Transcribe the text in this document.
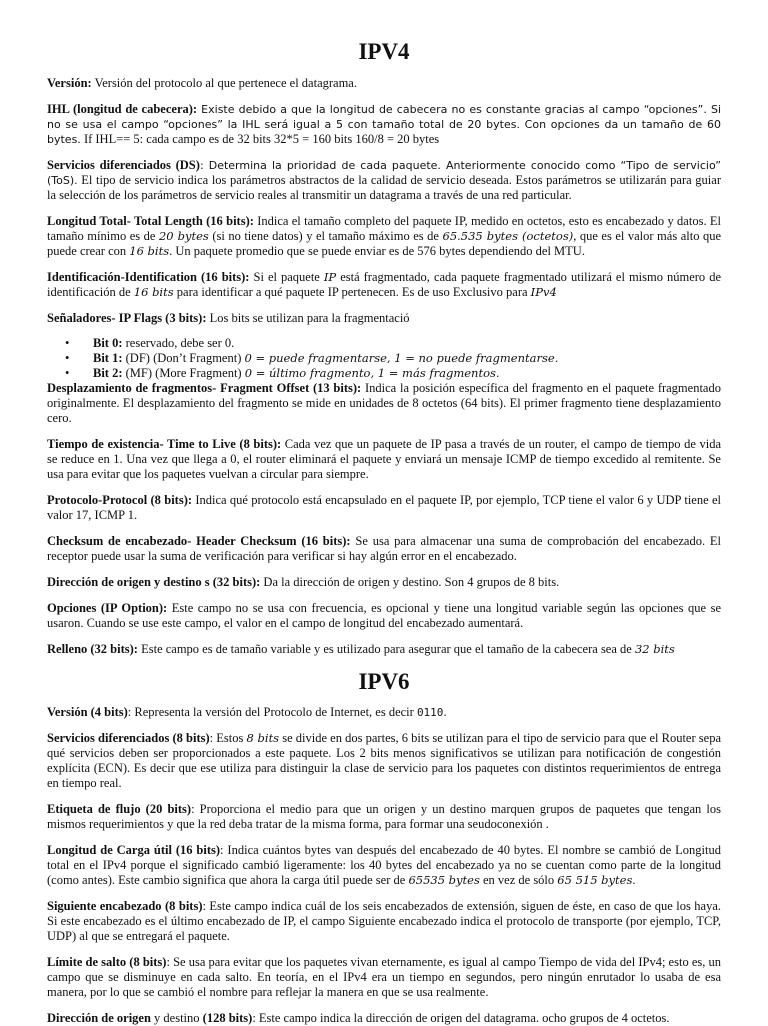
IPV4

Versión: Versión del protocolo al que pertenece el datagrama.

IHL (longitud de cabecera): Existe debido a que la longitud de cabecera no es constante gracias al campo “opciones”. Si no se usa el campo “opciones” la IHL será igual a 5 con tamaño total de 20 bytes. Con opciones da un tamaño de 60 bytes. If IHL== 5: cada campo es de 32 bits 32*5 = 160 bits 160/8 = 20 bytes

Servicios diferenciados (DS): Determina la prioridad de cada paquete. Anteriormente conocido como “Tipo de servicio” (ToS). El tipo de servicio indica los parámetros abstractos de la calidad de servicio deseada. Estos parámetros se utilizarán para guiar la selección de los parámetros de servicio reales al transmitir un datagrama a través de una red particular.

Longitud Total- Total Length (16 bits): Indica el tamaño completo del paquete IP, medido en octetos, esto es encabezado y datos. El tamaño mínimo es de 20 bytes (si no tiene datos) y el tamaño máximo es de 65.535 bytes (octetos), que es el valor más alto que puede crear con 16 bits. Un paquete promedio que se puede enviar es de 576 bytes dependiendo del MTU.

Identificación-Identification (16 bits): Si el paquete IP está fragmentado, cada paquete fragmentado utilizará el mismo número de identificación de 16 bits para identificar a qué paquete IP pertenecen. Es de uso Exclusivo para IPv4

Señaladores- IP Flags (3 bits): Los bits se utilizan para la fragmentació

• Bit 0: reservado, debe ser 0.
• Bit 1: (DF) (Don’t Fragment) 0 = puede fragmentarse, 1 = no puede fragmentarse.
• Bit 2: (MF) (More Fragment) 0 = último fragmento, 1 = más fragmentos.

Desplazamiento de fragmentos- Fragment Offset (13 bits): Indica la posición específica del fragmento en el paquete fragmentado originalmente. El desplazamiento del fragmento se mide en unidades de 8 octetos (64 bits). El primer fragmento tiene desplazamiento cero.

Tiempo de existencia- Time to Live (8 bits): Cada vez que un paquete de IP pasa a través de un router, el campo de tiempo de vida se reduce en 1. Una vez que llega a 0, el router eliminará el paquete y enviará un mensaje ICMP de tiempo excedido al remitente. Se usa para evitar que los paquetes vuelvan a circular para siempre.

Protocolo-Protocol (8 bits): Indica qué protocolo está encapsulado en el paquete IP, por ejemplo, TCP tiene el valor 6 y UDP tiene el valor 17, ICMP 1.

Checksum de encabezado- Header Checksum (16 bits): Se usa para almacenar una suma de comprobación del encabezado. El receptor puede usar la suma de verificación para verificar si hay algún error en el encabezado.

Dirección de origen y destino s (32 bits): Da la dirección de origen y destino. Son 4 grupos de 8 bits.

Opciones (IP Option): Este campo no se usa con frecuencia, es opcional y tiene una longitud variable según las opciones que se usaron. Cuando se use este campo, el valor en el campo de longitud del encabezado aumentará.

Relleno (32 bits): Este campo es de tamaño variable y es utilizado para asegurar que el tamaño de la cabecera sea de 32 bits

IPV6

Versión (4 bits): Representa la versión del Protocolo de Internet, es decir 0110.

Servicios diferenciados (8 bits): Estos 8 bits se divide en dos partes, 6 bits se utilizan para el tipo de servicio para que el Router sepa qué servicios deben ser proporcionados a este paquete. Los 2 bits menos significativos se utilizan para notificación de congestión explícita (ECN). Es decir que ese utiliza para distinguir la clase de servicio para los paquetes con distintos requerimientos de entrega en tiempo real.

Etiqueta de flujo (20 bits): Proporciona el medio para que un origen y un destino marquen grupos de paquetes que tengan los mismos requerimientos y que la red deba tratar de la misma forma, para formar una seudoconexión .

Longitud de Carga útil (16 bits): Indica cuántos bytes van después del encabezado de 40 bytes. El nombre se cambió de Longitud total en el IPv4 porque el significado cambió ligeramente: los 40 bytes del encabezado ya no se cuentan como parte de la longitud (como antes). Este cambio significa que ahora la carga útil puede ser de 65535 bytes en vez de sólo 65 515 bytes.

Siguiente encabezado (8 bits): Este campo indica cuál de los seis encabezados de extensión, siguen de éste, en caso de que los haya. Si este encabezado es el último encabezado de IP, el campo Siguiente encabezado indica el protocolo de transporte (por ejemplo, TCP, UDP) al que se entregará el paquete.

Límite de salto (8 bits): Se usa para evitar que los paquetes vivan eternamente, es igual al campo Tiempo de vida del IPv4; esto es, un campo que se disminuye en cada salto. En teoría, en el IPv4 era un tiempo en segundos, pero ningún enrutador lo usaba de esa manera, por lo que se cambió el nombre para reflejar la manera en que se usa realmente.

Dirección de origen y destino (128 bits): Este campo indica la dirección de origen del datagrama. ocho grupos de 4 octetos.
